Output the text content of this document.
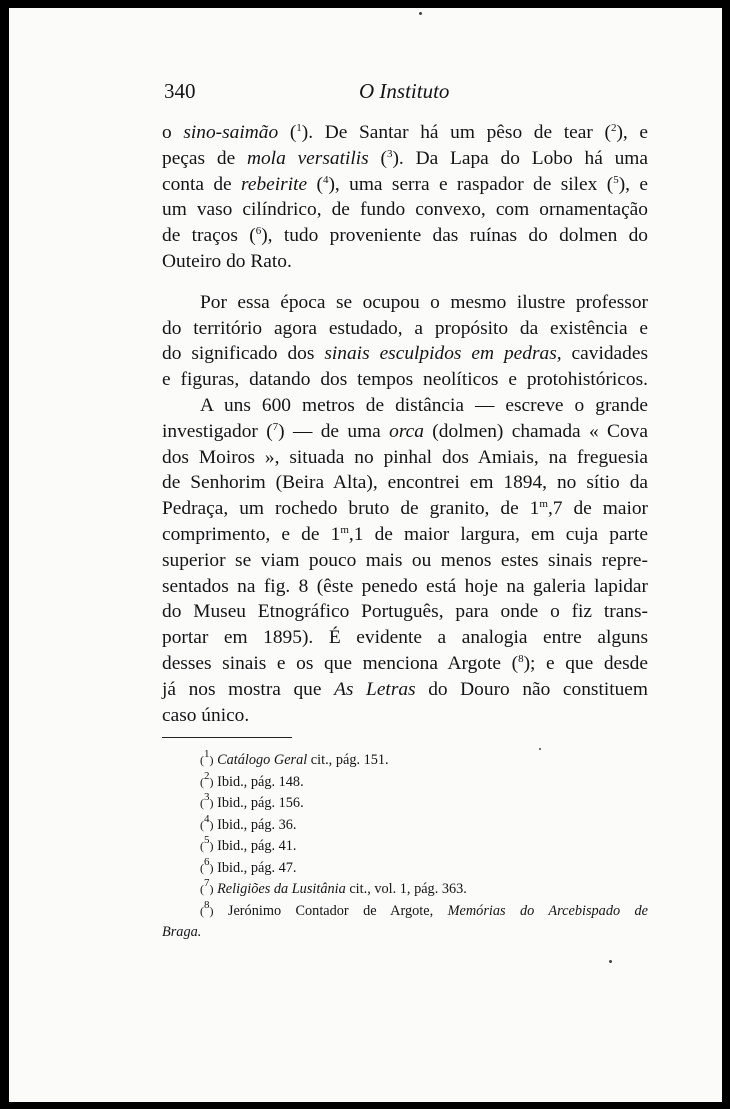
340	O Instituto

o sino-saimão ($^1$). De Santar há um pêso de tear ($^2$), e
peças de mola versatilis ($^3$). Da Lapa do Lobo há uma
conta de rebeirite ($^4$), uma serra e raspador de silex ($^5$), e
um vaso cilíndrico, de fundo convexo, com ornamentação
de traços ($^6$), tudo proveniente das ruínas do dolmen do
Outeiro do Rato.

Por essa época se ocupou o mesmo ilustre professor
do território agora estudado, a propósito da existência e
do significado dos sinais esculpidos em pedras, cavidades
e figuras, datando dos tempos neolíticos e protohistóricos.

A uns 600 metros de distância — escreve o grande
investigador ($^7$) — de uma orca (dolmen) chamada « Cova
dos Moiros », situada no pinhal dos Amiais, na freguesia
de Senhorim (Beira Alta), encontrei em 1894, no sítio da
Pedraça, um rochedo bruto de granito, de 1$^m$,7 de maior
comprimento, e de 1$^m$,1 de maior largura, em cuja parte
superior se viam pouco mais ou menos estes sinais repre-
sentados na fig. 8 (êste penedo está hoje na galeria lapidar
do Museu Etnográfico Português, para onde o fiz trans-
portar em 1895). É evidente a analogia entre alguns
desses sinais e os que menciona Argote ($^8$); e que desde
já nos mostra que As Letras do Douro não constituem
caso único.

($^1$) Catálogo Geral cit., pág. 151.
($^2$) Ibid., pág. 148.
($^3$) Ibid., pág. 156.
($^4$) Ibid., pág. 36.
($^5$) Ibid., pág. 41.
($^6$) Ibid., pág. 47.
($^7$) Religiões da Lusitânia cit., vol. 1, pág. 363.
($^8$) Jerónimo Contador de Argote, Memórias do Arcebispado de
Braga.
